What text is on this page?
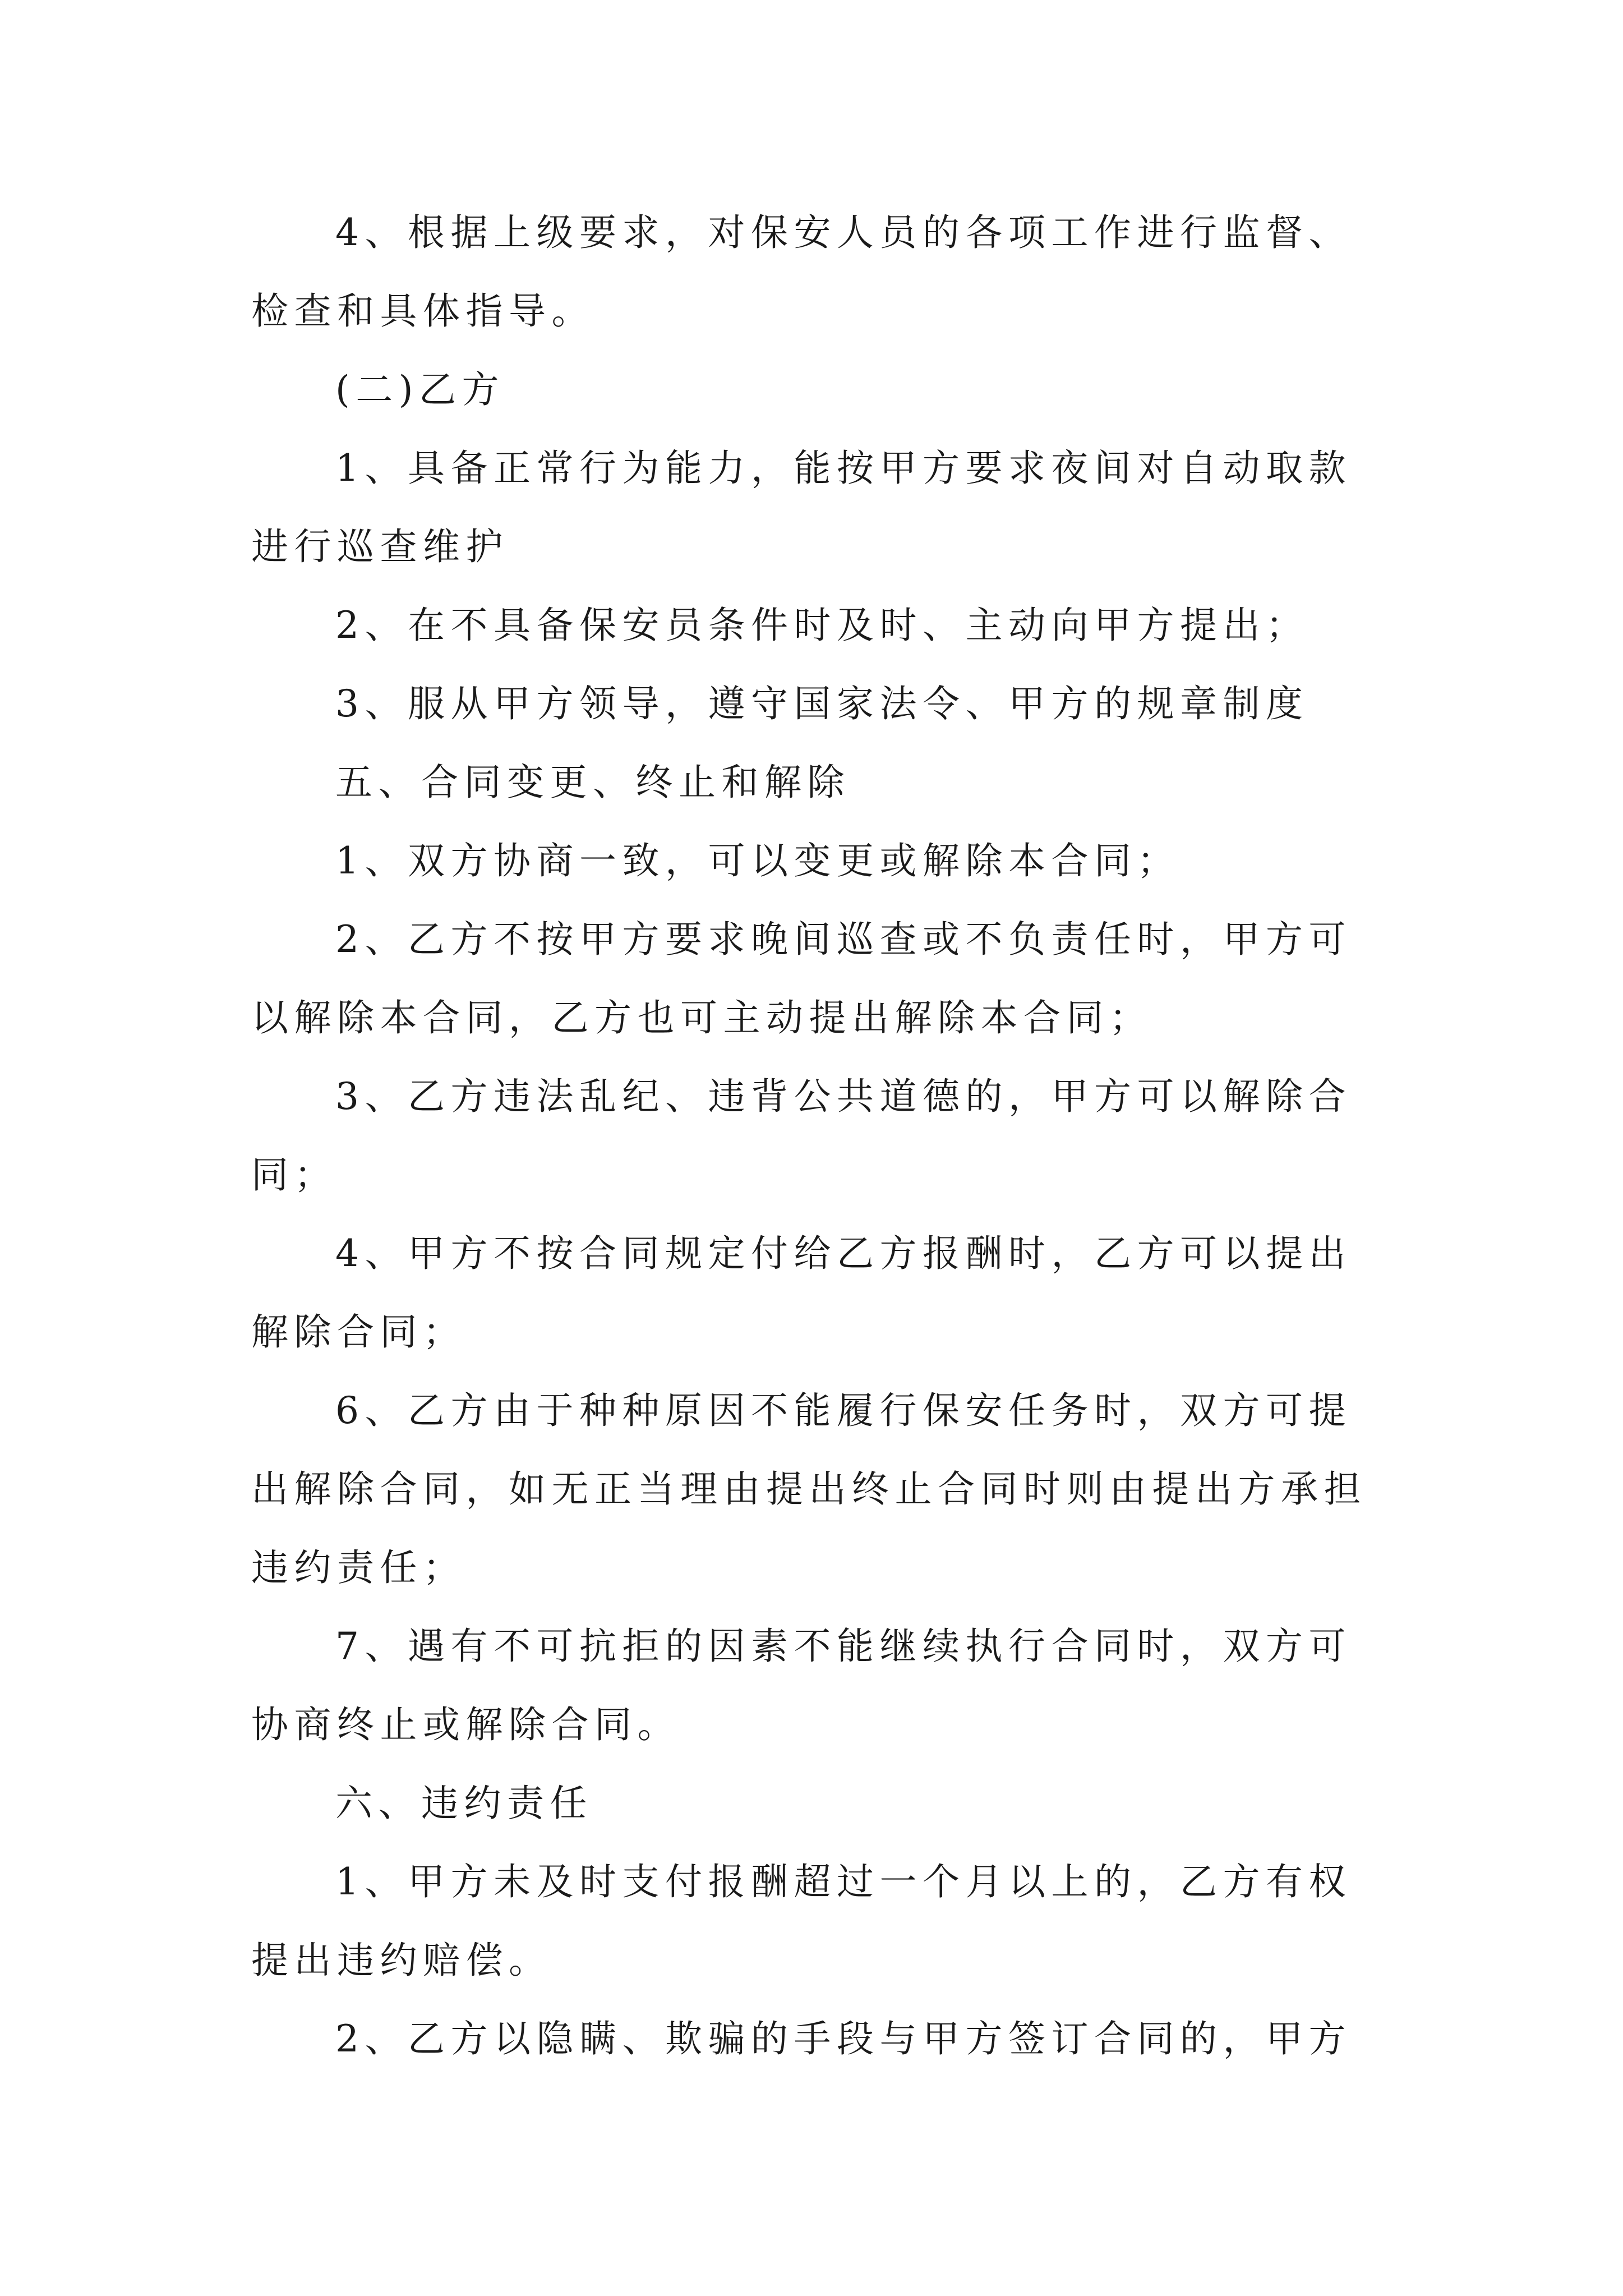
4、根据上级要求，对保安人员的各项工作进行监督、检查和具体指导。

(二)乙方

1、具备正常行为能力，能按甲方要求夜间对自动取款进行巡查维护

2、在不具备保安员条件时及时、主动向甲方提出；

3、服从甲方领导，遵守国家法令、甲方的规章制度

五、合同变更、终止和解除

1、双方协商一致，可以变更或解除本合同；

2、乙方不按甲方要求晚间巡查或不负责任时，甲方可以解除本合同，乙方也可主动提出解除本合同；

3、乙方违法乱纪、违背公共道德的，甲方可以解除合同；

4、甲方不按合同规定付给乙方报酬时，乙方可以提出解除合同；

6、乙方由于种种原因不能履行保安任务时，双方可提出解除合同，如无正当理由提出终止合同时则由提出方承担违约责任；

7、遇有不可抗拒的因素不能继续执行合同时，双方可协商终止或解除合同。

六、违约责任

1、甲方未及时支付报酬超过一个月以上的，乙方有权提出违约赔偿。

2、乙方以隐瞒、欺骗的手段与甲方签订合同的，甲方
